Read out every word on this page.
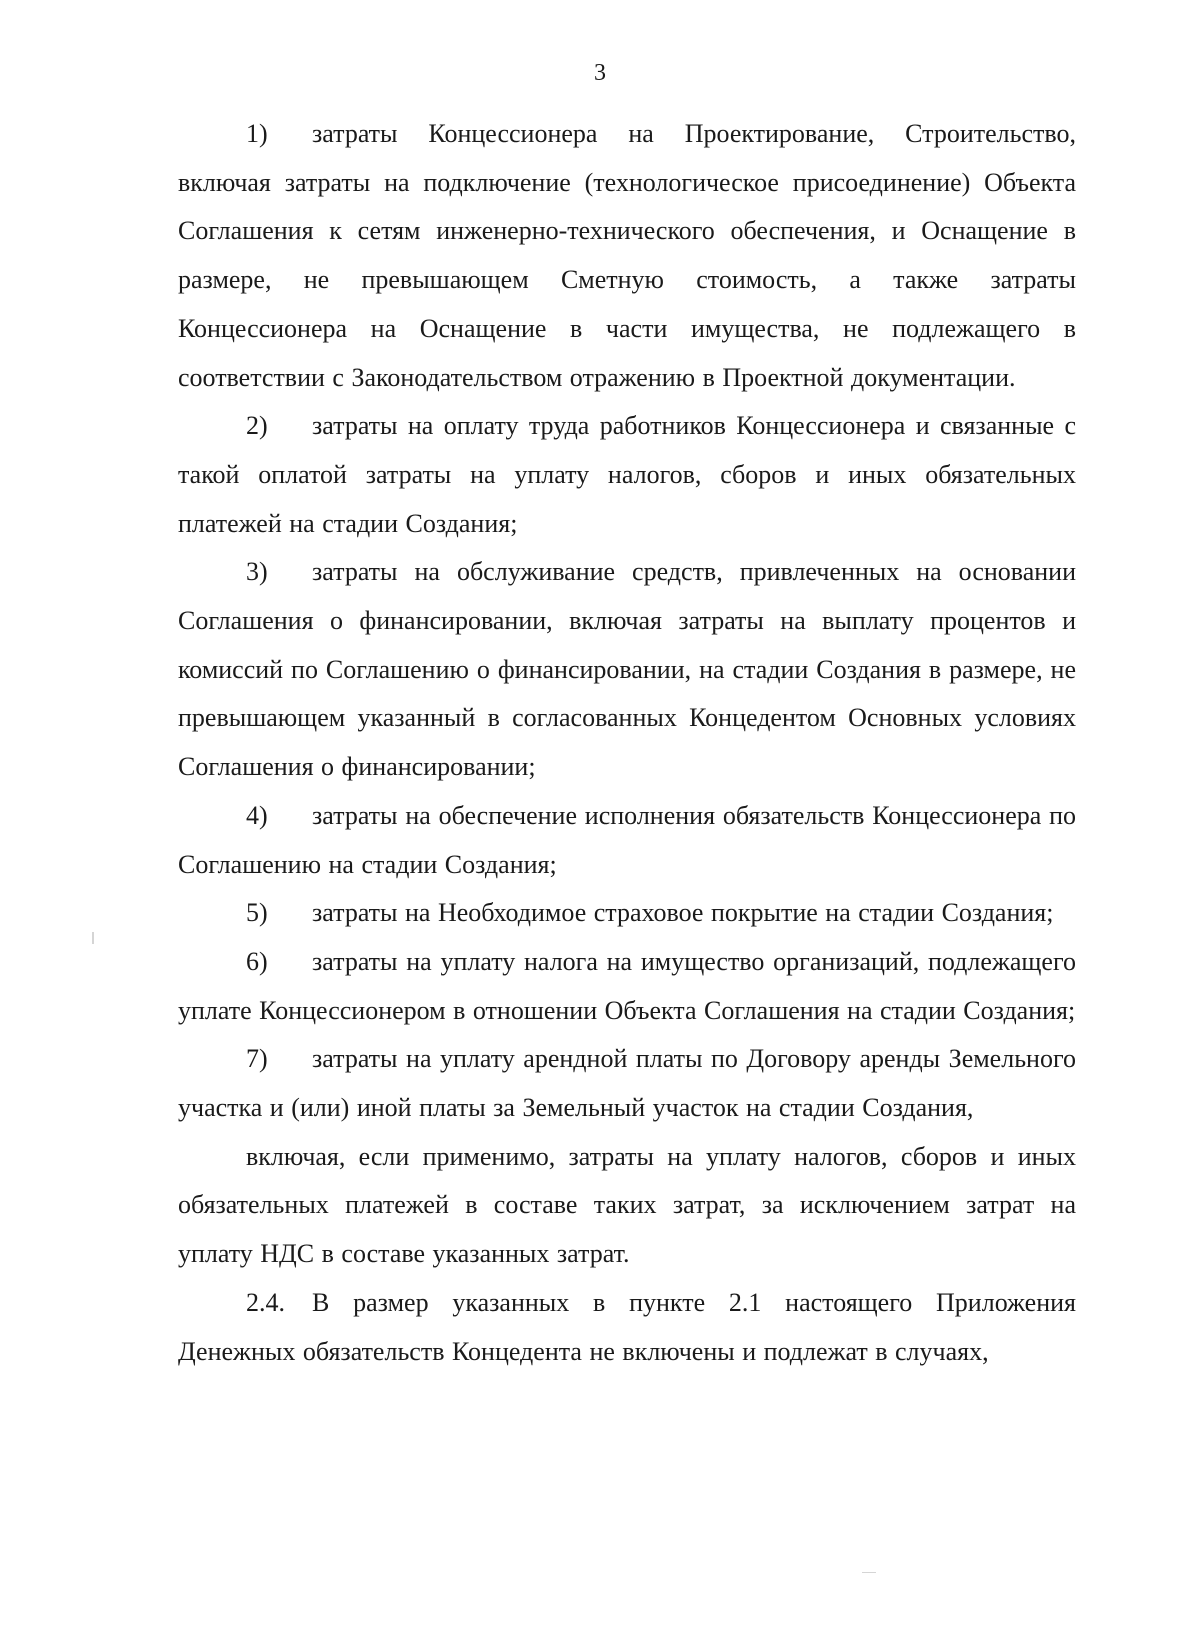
3

1) затраты Концессионера на Проектирование, Строительство, включая затраты на подключение (технологическое присоединение) Объекта Соглашения к сетям инженерно-технического обеспечения, и Оснащение в размере, не превышающем Сметную стоимость, а также затраты Концессионера на Оснащение в части имущества, не подлежащего в соответствии с Законодательством отражению в Проектной документации.

2) затраты на оплату труда работников Концессионера и связанные с такой оплатой затраты на уплату налогов, сборов и иных обязательных платежей на стадии Создания;

3) затраты на обслуживание средств, привлеченных на основании Соглашения о финансировании, включая затраты на выплату процентов и комиссий по Соглашению о финансировании, на стадии Создания в размере, не превышающем указанный в согласованных Концедентом Основных условиях Соглашения о финансировании;

4) затраты на обеспечение исполнения обязательств Концессионера по Соглашению на стадии Создания;

5) затраты на Необходимое страховое покрытие на стадии Создания;

6) затраты на уплату налога на имущество организаций, подлежащего уплате Концессионером в отношении Объекта Соглашения на стадии Создания;

7) затраты на уплату арендной платы по Договору аренды Земельного участка и (или) иной платы за Земельный участок на стадии Создания,

включая, если применимо, затраты на уплату налогов, сборов и иных обязательных платежей в составе таких затрат, за исключением затрат на уплату НДС в составе указанных затрат.

2.4. В размер указанных в пункте 2.1 настоящего Приложения Денежных обязательств Концедента не включены и подлежат в случаях,
